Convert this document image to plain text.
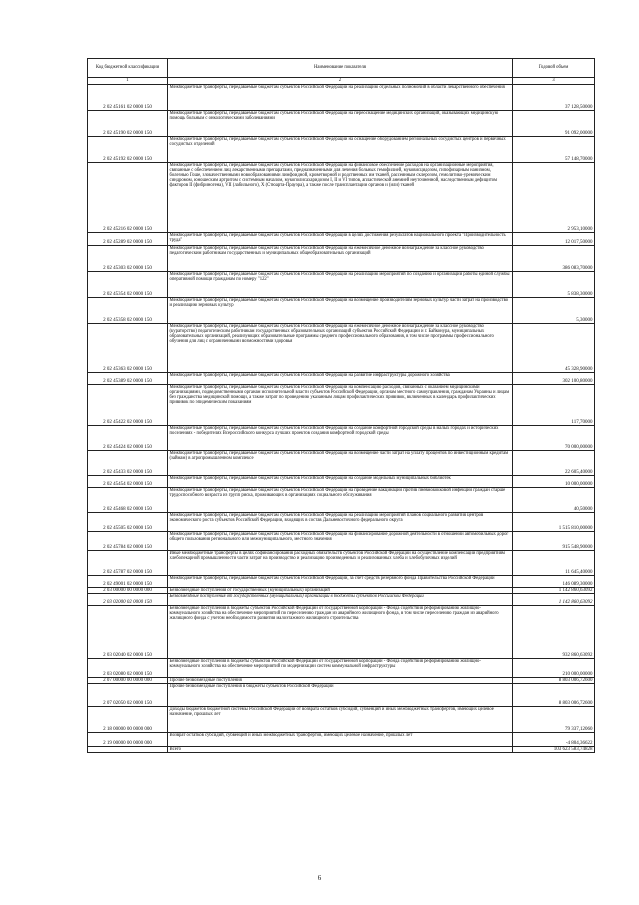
Код бюджетной классификации	Наименование показателя	Годовой объем
1	2	3
2 02 45161 02 0000 150	Межбюджетные трансферты, передаваемые бюджетам субъектов Российской Федерации на реализацию отдельных полномочий в области лекарственного обеспечения	37 128,50000
2 02 45190 02 0000 150	Межбюджетные трансферты, передаваемые бюджетам субъектов Российской Федерации на переоснащение медицинских организаций, оказывающих медицинскую помощь больным с онкологическими заболеваниями	91 092,00000
2 02 45192 02 0000 150	Межбюджетные трансферты, передаваемые бюджетам субъектов Российской Федерации на оснащение оборудованием региональных сосудистых центров и первичных сосудистых отделений	57 148,70000
2 02 45216 02 0000 150	Межбюджетные трансферты, передаваемые бюджетам субъектов Российской Федерации на финансовое обеспечение расходов на организационные мероприятия, связанные с обеспечением лиц лекарственными препаратами, предназначенными для лечения больных гемофилией, муковисцидозом, гипофизарным нанизмом, болезнью Гоше, злокачественными новообразованиями лимфоидной, кроветворной и родственных им тканей, рассеянным склерозом, гемолитико-уремическим синдромом, юношеским артритом с системным началом, мукополисахаридозом I, II и VI типов, апластической анемией неуточненной, наследственным дефицитом факторов II (фибриногена), VII (лабильного), X (Стюарта-Прауэра), а также после трансплантации органов и (или) тканей	2 953,10000
2 02 45289 02 0000 150	Межбюджетные трансферты, передаваемые бюджетам субъектов Российской Федерации в целях достижения результатов национального проекта "Производительность труда"	12 017,50000
2 02 45303 02 0000 150	Межбюджетные трансферты, передаваемые бюджетам субъектов Российской Федерации на ежемесячное денежное вознаграждение за классное руководство педагогическим работникам государственных и муниципальных общеобразовательных организаций	386 083,70000
2 02 45354 02 0000 150	Межбюджетные трансферты, передаваемые бюджетам субъектов Российской Федерации на реализацию мероприятий по созданию и организации работы единой службы оперативной помощи гражданам по номеру "122"	5 838,30000
2 02 45358 02 0000 150	Межбюджетные трансферты, передаваемые бюджетам субъектов Российской Федерации на возмещение производителям зерновых культур части затрат на производство и реализацию зерновых культур	5,30000
2 02 45363 02 0000 150	Межбюджетные трансферты, передаваемые бюджетам субъектов Российской Федерации на ежемесячное денежное вознаграждение за классное руководство (кураторство) педагогическим работникам государственных образовательных организаций субъектов Российской Федерации и г. Байконура, муниципальных образовательных организаций, реализующих образовательные программы среднего профессионального образования, в том числе программы профессионального обучения для лиц с ограниченными возможностями здоровья	45 328,90000
2 02 45389 02 0000 150	Межбюджетные трансферты, передаваемые бюджетам субъектов Российской Федерации на развитие инфраструктуры дорожного хозяйства	302 100,80000
2 02 45422 02 0000 150	Межбюджетные трансферты, передаваемые бюджетам субъектов Российской Федерации на компенсацию расходов, связанных с оказанием медицинскими организациями, подведомственными органам исполнительной власти субъектов Российской Федерации, органам местного самоуправления, гражданам Украины и лицам без гражданства медицинской помощи, а также затрат по проведению указанным лицам профилактических прививок, включенных в календарь профилактических прививок по эпидемическим показаниям	117,70000
2 02 45424 02 0000 150	Межбюджетные трансферты, передаваемые бюджетам субъектов Российской Федерации на создание комфортной городской среды в малых городах и исторических поселениях - победителях Всероссийского конкурса лучших проектов создания комфортной городской среды	70 000,00000
2 02 45433 02 0000 150	Межбюджетные трансферты, передаваемые бюджетам субъектов Российской Федерации на возмещение части затрат на уплату процентов по инвестиционным кредитам (займам) в агропромышленном комплексе	22 605,40000
2 02 45454 02 0000 150	Межбюджетные трансферты, передаваемые бюджетам субъектов Российской Федерации на создание модельных муниципальных библиотек	10 000,00000
2 02 45468 02 0000 150	Межбюджетные трансферты, передаваемые бюджетам субъектов Российской Федерации на проведение вакцинации против пневмококковой инфекции граждан старше трудоспособного возраста из групп риска, проживающих в организациях социального обслуживания	40,50000
2 02 45505 02 0000 150	Межбюджетные трансферты, передаваемые бюджетам субъектов Российской Федерации на реализацию мероприятий планов социального развития центров экономического роста субъектов Российской Федерации, входящих в состав Дальневосточного федерального округа	1 515 810,00000
2 02 45784 02 0000 150	Межбюджетные трансферты, передаваемые бюджетам субъектов Российской Федерации на финансирование дорожной деятельности в отношении автомобильных дорог общего пользования регионального или межмуниципального, местного значения	915 548,90000
2 02 45787 02 0000 150	Иные межбюджетные трансферты в целях софинансирования расходных обязательств субъектов Российской Федерации на осуществление компенсации предприятиям хлебопекарной промышленности части затрат на производство и реализацию произведенных и реализованных хлеба и хлебобулочных изделий	11 645,40000
2 02 49001 02 0000 150	Межбюджетные трансферты, передаваемые бюджетам субъектов Российской Федерации, за счет средств резервного фонда Правительства Российской Федерации	146 089,30000
2 03 00000 00 0000 000	Безвозмездные поступления от государственных (муниципальных) организаций	1 142 860,63092
2 03 02000 02 0000 150	Безвозмездные поступления от государственных (муниципальных) организаций в бюджеты субъектов Российской Федерации	1 142 860,63092
2 03 02040 02 0000 150	Безвозмездные поступления в бюджеты субъектов Российской Федерации от государственной корпорации - Фонда содействия реформированию жилищно-коммунального хозяйства на обеспечение мероприятий по переселению граждан из аварийного жилищного фонда, в том числе переселению граждан из аварийного жилищного фонда с учетом необходимости развития малоэтажного жилищного строительства	932 860,63092
2 03 02080 02 0000 150	Безвозмездные поступления в бюджеты субъектов Российской Федерации от государственной корпорации - Фонда содействия реформированию жилищно-коммунального хозяйства на обеспечение мероприятий по модернизации систем коммунальной инфраструктуры	210 000,00000
2 07 00000 00 0000 000	Прочие безвозмездные поступления	8 803 006,72600
2 07 02050 02 0000 150	Прочие безвозмездные поступления в бюджеты субъектов Российской Федерации	8 803 006,72600
2 18 00000 00 0000 000	Доходы бюджетов бюджетной системы Российской Федерации от возврата остатков субсидий, субвенций и иных межбюджетных трансфертов, имеющих целевое назначение, прошлых лет	79 337,12060
2 19 00000 00 0000 000	Возврат остатков субсидий, субвенций и иных межбюджетных трансфертов, имеющих целевое назначение, прошлых лет	-4 804,36622
	Всего	103 623 583,74828
6
